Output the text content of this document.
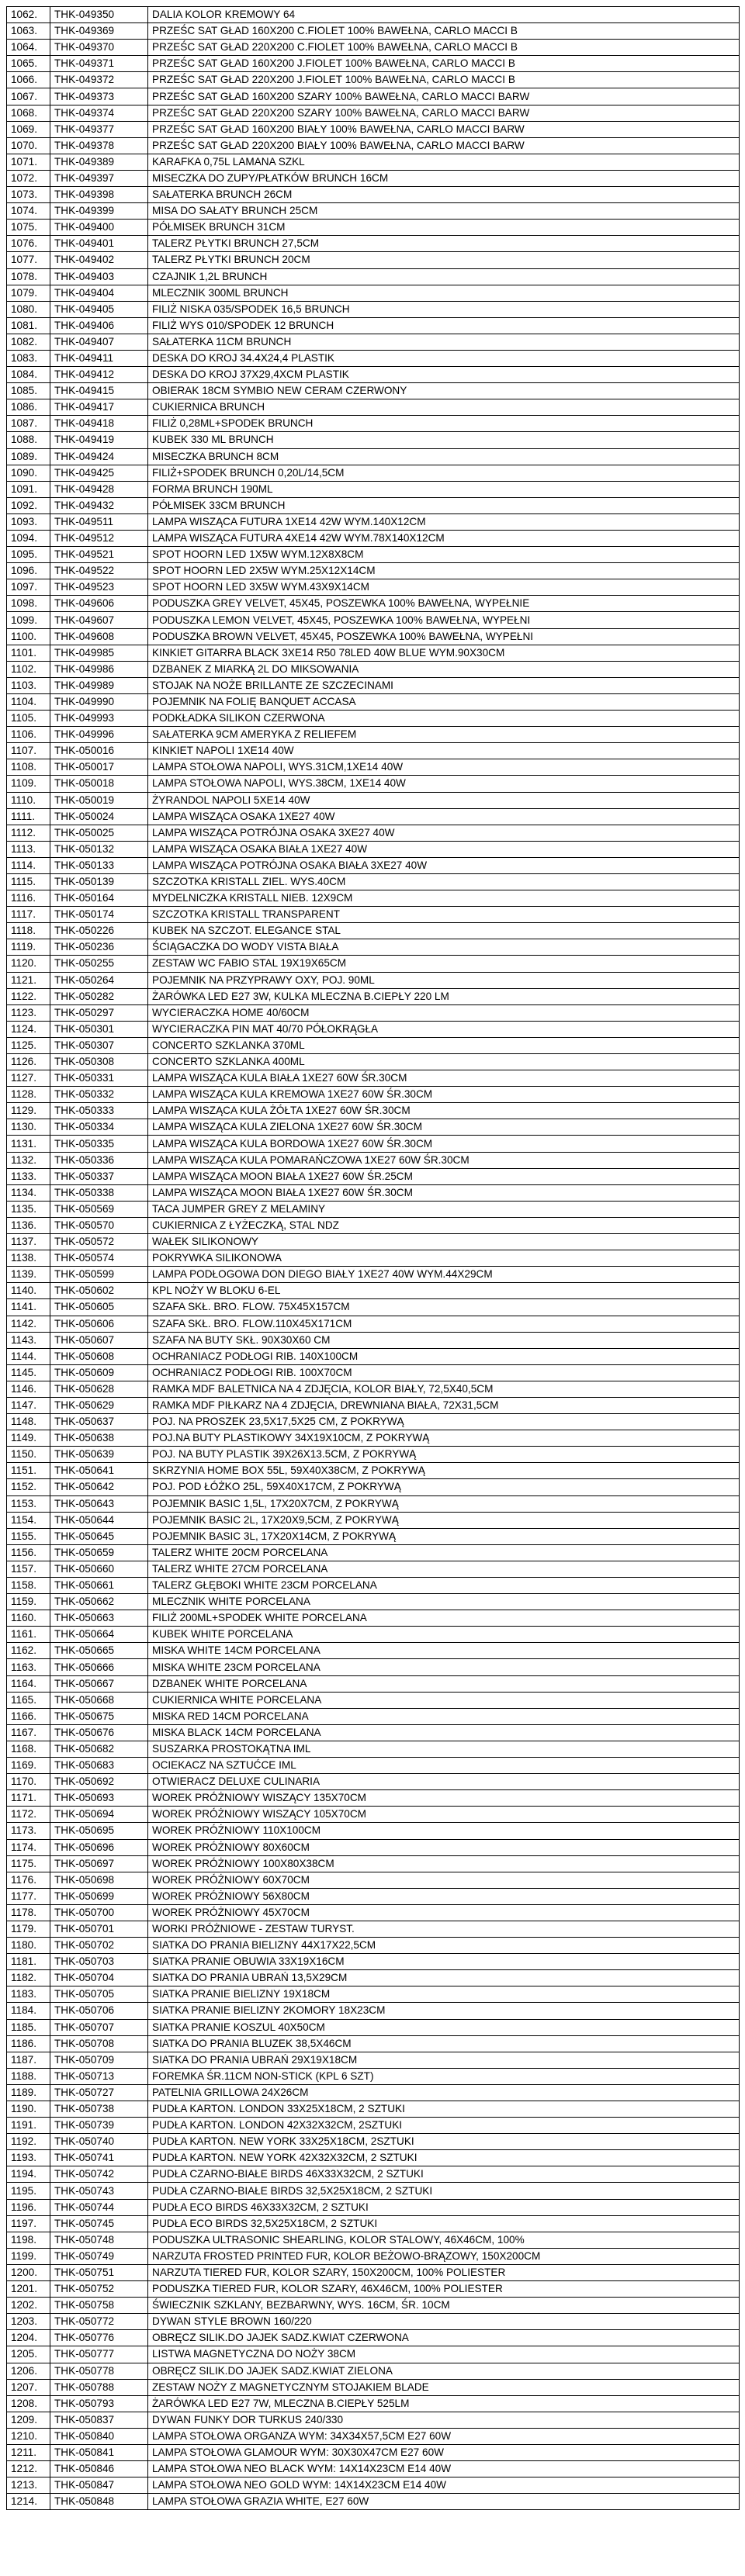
1062.	THK-049350	DALIA KOLOR KREMOWY 64
1063.	THK-049369	PRZEŚC SAT GŁAD 160X200 C.FIOLET 100% BAWEŁNA, CARLO MACCI B
1064.	THK-049370	PRZEŚC SAT GŁAD 220X200 C.FIOLET 100% BAWEŁNA, CARLO MACCI B
1065.	THK-049371	PRZEŚC SAT GŁAD 160X200 J.FIOLET 100% BAWEŁNA, CARLO MACCI B
1066.	THK-049372	PRZEŚC SAT GŁAD 220X200 J.FIOLET 100% BAWEŁNA, CARLO MACCI B
1067.	THK-049373	PRZEŚC SAT GŁAD 160X200 SZARY 100% BAWEŁNA, CARLO MACCI BARW
1068.	THK-049374	PRZEŚC SAT GŁAD 220X200 SZARY 100% BAWEŁNA, CARLO MACCI BARW
1069.	THK-049377	PRZEŚC SAT GŁAD 160X200 BIAŁY 100% BAWEŁNA, CARLO MACCI BARW
1070.	THK-049378	PRZEŚC SAT GŁAD 220X200 BIAŁY 100% BAWEŁNA, CARLO MACCI BARW
1071.	THK-049389	KARAFKA 0,75L LAMANA SZKL
1072.	THK-049397	MISECZKA DO ZUPY/PŁATKÓW BRUNCH 16CM
1073.	THK-049398	SAŁATERKA BRUNCH 26CM
1074.	THK-049399	MISA DO SAŁATY BRUNCH 25CM
1075.	THK-049400	PÓŁMISEK BRUNCH 31CM
1076.	THK-049401	TALERZ PŁYTKI BRUNCH 27,5CM
1077.	THK-049402	TALERZ PŁYTKI BRUNCH 20CM
1078.	THK-049403	CZAJNIK 1,2L BRUNCH
1079.	THK-049404	MLECZNIK 300ML BRUNCH
1080.	THK-049405	FILIŻ NISKA 035/SPODEK 16,5 BRUNCH
1081.	THK-049406	FILIŻ WYS 010/SPODEK 12 BRUNCH
1082.	THK-049407	SAŁATERKA 11CM BRUNCH
1083.	THK-049411	DESKA DO KROJ 34.4X24,4 PLASTIK
1084.	THK-049412	DESKA DO KROJ 37X29,4XCM PLASTIK
1085.	THK-049415	OBIERAK 18CM SYMBIO NEW CERAM CZERWONY
1086.	THK-049417	CUKIERNICA BRUNCH
1087.	THK-049418	FILIŻ 0,28ML+SPODEK BRUNCH
1088.	THK-049419	KUBEK 330 ML BRUNCH
1089.	THK-049424	MISECZKA BRUNCH 8CM
1090.	THK-049425	FILIŻ+SPODEK BRUNCH 0,20L/14,5CM
1091.	THK-049428	FORMA BRUNCH 190ML
1092.	THK-049432	PÓŁMISEK 33CM BRUNCH
1093.	THK-049511	LAMPA WISZĄCA FUTURA 1XE14 42W WYM.140X12CM
1094.	THK-049512	LAMPA WISZĄCA FUTURA 4XE14 42W WYM.78X140X12CM
1095.	THK-049521	SPOT HOORN LED 1X5W WYM.12X8X8CM
1096.	THK-049522	SPOT HOORN LED 2X5W WYM.25X12X14CM
1097.	THK-049523	SPOT HOORN LED 3X5W WYM.43X9X14CM
1098.	THK-049606	PODUSZKA GREY VELVET, 45X45, POSZEWKA 100% BAWEŁNA, WYPEŁNIE
1099.	THK-049607	PODUSZKA LEMON VELVET, 45X45, POSZEWKA 100% BAWEŁNA, WYPEŁNI
1100.	THK-049608	PODUSZKA BROWN VELVET, 45X45, POSZEWKA 100% BAWEŁNA, WYPEŁNI
1101.	THK-049985	KINKIET GITARRA BLACK 3XE14 R50 78LED 40W BLUE WYM.90X30CM
1102.	THK-049986	DZBANEK Z MIARKĄ 2L DO MIKSOWANIA
1103.	THK-049989	STOJAK NA NOŻE BRILLANTE ZE SZCZECINAMI
1104.	THK-049990	POJEMNIK NA FOLIĘ BANQUET ACCASA
1105.	THK-049993	PODKŁADKA SILIKON CZERWONA
1106.	THK-049996	SAŁATERKA 9CM AMERYKA Z RELIEFEM
1107.	THK-050016	KINKIET NAPOLI 1XE14 40W
1108.	THK-050017	LAMPA STOŁOWA NAPOLI, WYS.31CM,1XE14 40W
1109.	THK-050018	LAMPA STOŁOWA NAPOLI, WYS.38CM, 1XE14 40W
1110.	THK-050019	ŻYRANDOL NAPOLI 5XE14 40W
1111.	THK-050024	LAMPA WISZĄCA OSAKA 1XE27 40W
1112.	THK-050025	LAMPA WISZĄCA POTRÓJNA OSAKA 3XE27 40W
1113.	THK-050132	LAMPA WISZĄCA OSAKA BIAŁA 1XE27 40W
1114.	THK-050133	LAMPA WISZĄCA POTRÓJNA OSAKA BIAŁA 3XE27 40W
1115.	THK-050139	SZCZOTKA KRISTALL ZIEL. WYS.40CM
1116.	THK-050164	MYDELNICZKA KRISTALL NIEB. 12X9CM
1117.	THK-050174	SZCZOTKA KRISTALL TRANSPARENT
1118.	THK-050226	KUBEK NA SZCZOT. ELEGANCE STAL
1119.	THK-050236	ŚCIĄGACZKA DO WODY VISTA BIAŁA
1120.	THK-050255	ZESTAW WC FABIO STAL 19X19X65CM
1121.	THK-050264	POJEMNIK NA PRZYPRAWY OXY, POJ. 90ML
1122.	THK-050282	ŻARÓWKA LED E27 3W, KULKA MLECZNA B.CIEPŁY 220 LM
1123.	THK-050297	WYCIERACZKA HOME 40/60CM
1124.	THK-050301	WYCIERACZKA PIN MAT 40/70 PÓŁOKRĄGŁA
1125.	THK-050307	CONCERTO SZKLANKA 370ML
1126.	THK-050308	CONCERTO SZKLANKA 400ML
1127.	THK-050331	LAMPA WISZĄCA KULA BIAŁA 1XE27 60W ŚR.30CM
1128.	THK-050332	LAMPA WISZĄCA KULA KREMOWA 1XE27 60W ŚR.30CM
1129.	THK-050333	LAMPA WISZĄCA KULA ŻÓŁTA 1XE27 60W ŚR.30CM
1130.	THK-050334	LAMPA WISZĄCA KULA ZIELONA 1XE27 60W ŚR.30CM
1131.	THK-050335	LAMPA WISZĄCA KULA BORDOWA 1XE27 60W ŚR.30CM
1132.	THK-050336	LAMPA WISZĄCA KULA POMARAŃCZOWA 1XE27 60W ŚR.30CM
1133.	THK-050337	LAMPA WISZĄCA MOON BIAŁA 1XE27 60W ŚR.25CM
1134.	THK-050338	LAMPA WISZĄCA MOON BIAŁA 1XE27 60W ŚR.30CM
1135.	THK-050569	TACA JUMPER GREY Z MELAMINY
1136.	THK-050570	CUKIERNICA Z ŁYŻECZKĄ, STAL NDZ
1137.	THK-050572	WAŁEK SILIKONOWY
1138.	THK-050574	POKRYWKA SILIKONOWA
1139.	THK-050599	LAMPA PODŁOGOWA DON DIEGO BIAŁY 1XE27 40W WYM.44X29CM
1140.	THK-050602	KPL NOŻY W BLOKU 6-EL
1141.	THK-050605	SZAFA SKŁ. BRO. FLOW. 75X45X157CM
1142.	THK-050606	SZAFA SKŁ. BRO. FLOW.110X45X171CM
1143.	THK-050607	SZAFA NA BUTY SKŁ. 90X30X60 CM
1144.	THK-050608	OCHRANIACZ PODŁOGI RIB. 140X100CM
1145.	THK-050609	OCHRANIACZ PODŁOGI RIB. 100X70CM
1146.	THK-050628	RAMKA MDF BALETNICA NA 4 ZDJĘCIA, KOLOR BIAŁY, 72,5X40,5CM
1147.	THK-050629	RAMKA MDF PIŁKARZ NA 4 ZDJĘCIA, DREWNIANA BIAŁA, 72X31,5CM
1148.	THK-050637	POJ. NA PROSZEK 23,5X17,5X25 CM, Z POKRYWĄ
1149.	THK-050638	POJ.NA BUTY PLASTIKOWY 34X19X10CM, Z POKRYWĄ
1150.	THK-050639	POJ. NA BUTY PLASTIK 39X26X13.5CM, Z POKRYWĄ
1151.	THK-050641	SKRZYNIA HOME BOX 55L, 59X40X38CM, Z POKRYWĄ
1152.	THK-050642	POJ. POD ŁÓŻKO 25L, 59X40X17CM, Z POKRYWĄ
1153.	THK-050643	POJEMNIK BASIC 1,5L, 17X20X7CM, Z POKRYWĄ
1154.	THK-050644	POJEMNIK BASIC 2L, 17X20X9,5CM, Z POKRYWĄ
1155.	THK-050645	POJEMNIK BASIC 3L, 17X20X14CM, Z POKRYWĄ
1156.	THK-050659	TALERZ WHITE 20CM PORCELANA
1157.	THK-050660	TALERZ WHITE 27CM PORCELANA
1158.	THK-050661	TALERZ GŁĘBOKI WHITE 23CM PORCELANA
1159.	THK-050662	MLECZNIK WHITE PORCELANA
1160.	THK-050663	FILIŻ 200ML+SPODEK WHITE PORCELANA
1161.	THK-050664	KUBEK WHITE PORCELANA
1162.	THK-050665	MISKA WHITE 14CM PORCELANA
1163.	THK-050666	MISKA WHITE 23CM PORCELANA
1164.	THK-050667	DZBANEK WHITE PORCELANA
1165.	THK-050668	CUKIERNICA WHITE PORCELANA
1166.	THK-050675	MISKA RED 14CM PORCELANA
1167.	THK-050676	MISKA BLACK 14CM PORCELANA
1168.	THK-050682	SUSZARKA PROSTOKĄTNA IML
1169.	THK-050683	OCIEKACZ NA SZTUĆCE IML
1170.	THK-050692	OTWIERACZ DELUXE CULINARIA
1171.	THK-050693	WOREK PRÓŻNIOWY WISZĄCY 135X70CM
1172.	THK-050694	WOREK PRÓŻNIOWY WISZĄCY 105X70CM
1173.	THK-050695	WOREK PRÓŻNIOWY 110X100CM
1174.	THK-050696	WOREK PRÓŻNIOWY 80X60CM
1175.	THK-050697	WOREK PRÓŻNIOWY 100X80X38CM
1176.	THK-050698	WOREK PRÓŻNIOWY 60X70CM
1177.	THK-050699	WOREK PRÓŻNIOWY 56X80CM
1178.	THK-050700	WOREK PRÓŻNIOWY 45X70CM
1179.	THK-050701	WORKI PRÓŻNIOWE - ZESTAW TURYST.
1180.	THK-050702	SIATKA DO PRANIA BIELIZNY 44X17X22,5CM
1181.	THK-050703	SIATKA PRANIE OBUWIA 33X19X16CM
1182.	THK-050704	SIATKA DO PRANIA UBRAŃ 13,5X29CM
1183.	THK-050705	SIATKA PRANIE BIELIZNY 19X18CM
1184.	THK-050706	SIATKA PRANIE BIELIZNY 2KOMORY 18X23CM
1185.	THK-050707	SIATKA PRANIE KOSZUL 40X50CM
1186.	THK-050708	SIATKA DO PRANIA BLUZEK 38,5X46CM
1187.	THK-050709	SIATKA DO PRANIA UBRAŃ 29X19X18CM
1188.	THK-050713	FOREMKA ŚR.11CM NON-STICK (KPL 6 SZT)
1189.	THK-050727	PATELNIA GRILLOWA 24X26CM
1190.	THK-050738	PUDŁA KARTON. LONDON 33X25X18CM, 2 SZTUKI
1191.	THK-050739	PUDŁA KARTON. LONDON 42X32X32CM, 2SZTUKI
1192.	THK-050740	PUDŁA KARTON. NEW YORK 33X25X18CM, 2SZTUKI
1193.	THK-050741	PUDŁA KARTON. NEW YORK 42X32X32CM, 2 SZTUKI
1194.	THK-050742	PUDŁA CZARNO-BIAŁE BIRDS 46X33X32CM, 2 SZTUKI
1195.	THK-050743	PUDŁA CZARNO-BIAŁE BIRDS 32,5X25X18CM, 2 SZTUKI
1196.	THK-050744	PUDŁA ECO BIRDS 46X33X32CM, 2 SZTUKI
1197.	THK-050745	PUDŁA ECO BIRDS 32,5X25X18CM, 2 SZTUKI
1198.	THK-050748	PODUSZKA ULTRASONIC SHEARLING, KOLOR STALOWY, 46X46CM, 100%
1199.	THK-050749	NARZUTA FROSTED PRINTED FUR, KOLOR BEŻOWO-BRĄZOWY, 150X200CM
1200.	THK-050751	NARZUTA TIERED FUR, KOLOR SZARY, 150X200CM, 100% POLIESTER
1201.	THK-050752	PODUSZKA TIERED FUR, KOLOR SZARY, 46X46CM, 100% POLIESTER
1202.	THK-050758	ŚWIECZNIK SZKLANY, BEZBARWNY, WYS. 16CM, ŚR. 10CM
1203.	THK-050772	DYWAN STYLE BROWN 160/220
1204.	THK-050776	OBRĘCZ SILIK.DO JAJEK SADZ.KWIAT CZERWONA
1205.	THK-050777	LISTWA MAGNETYCZNA DO NOŻY 38CM
1206.	THK-050778	OBRĘCZ SILIK.DO JAJEK SADZ.KWIAT ZIELONA
1207.	THK-050788	ZESTAW NOŻY Z MAGNETYCZNYM STOJAKIEM BLADE
1208.	THK-050793	ŻARÓWKA LED E27 7W, MLECZNA B.CIEPŁY 525LM
1209.	THK-050837	DYWAN FUNKY DOR TURKUS 240/330
1210.	THK-050840	LAMPA STOŁOWA ORGANZA WYM: 34X34X57,5CM E27 60W
1211.	THK-050841	LAMPA STOŁOWA GLAMOUR WYM: 30X30X47CM E27 60W
1212.	THK-050846	LAMPA STOŁOWA NEO BLACK WYM: 14X14X23CM E14 40W
1213.	THK-050847	LAMPA STOŁOWA NEO GOLD WYM: 14X14X23CM E14 40W
1214.	THK-050848	LAMPA STOŁOWA GRAZIA WHITE, E27 60W
